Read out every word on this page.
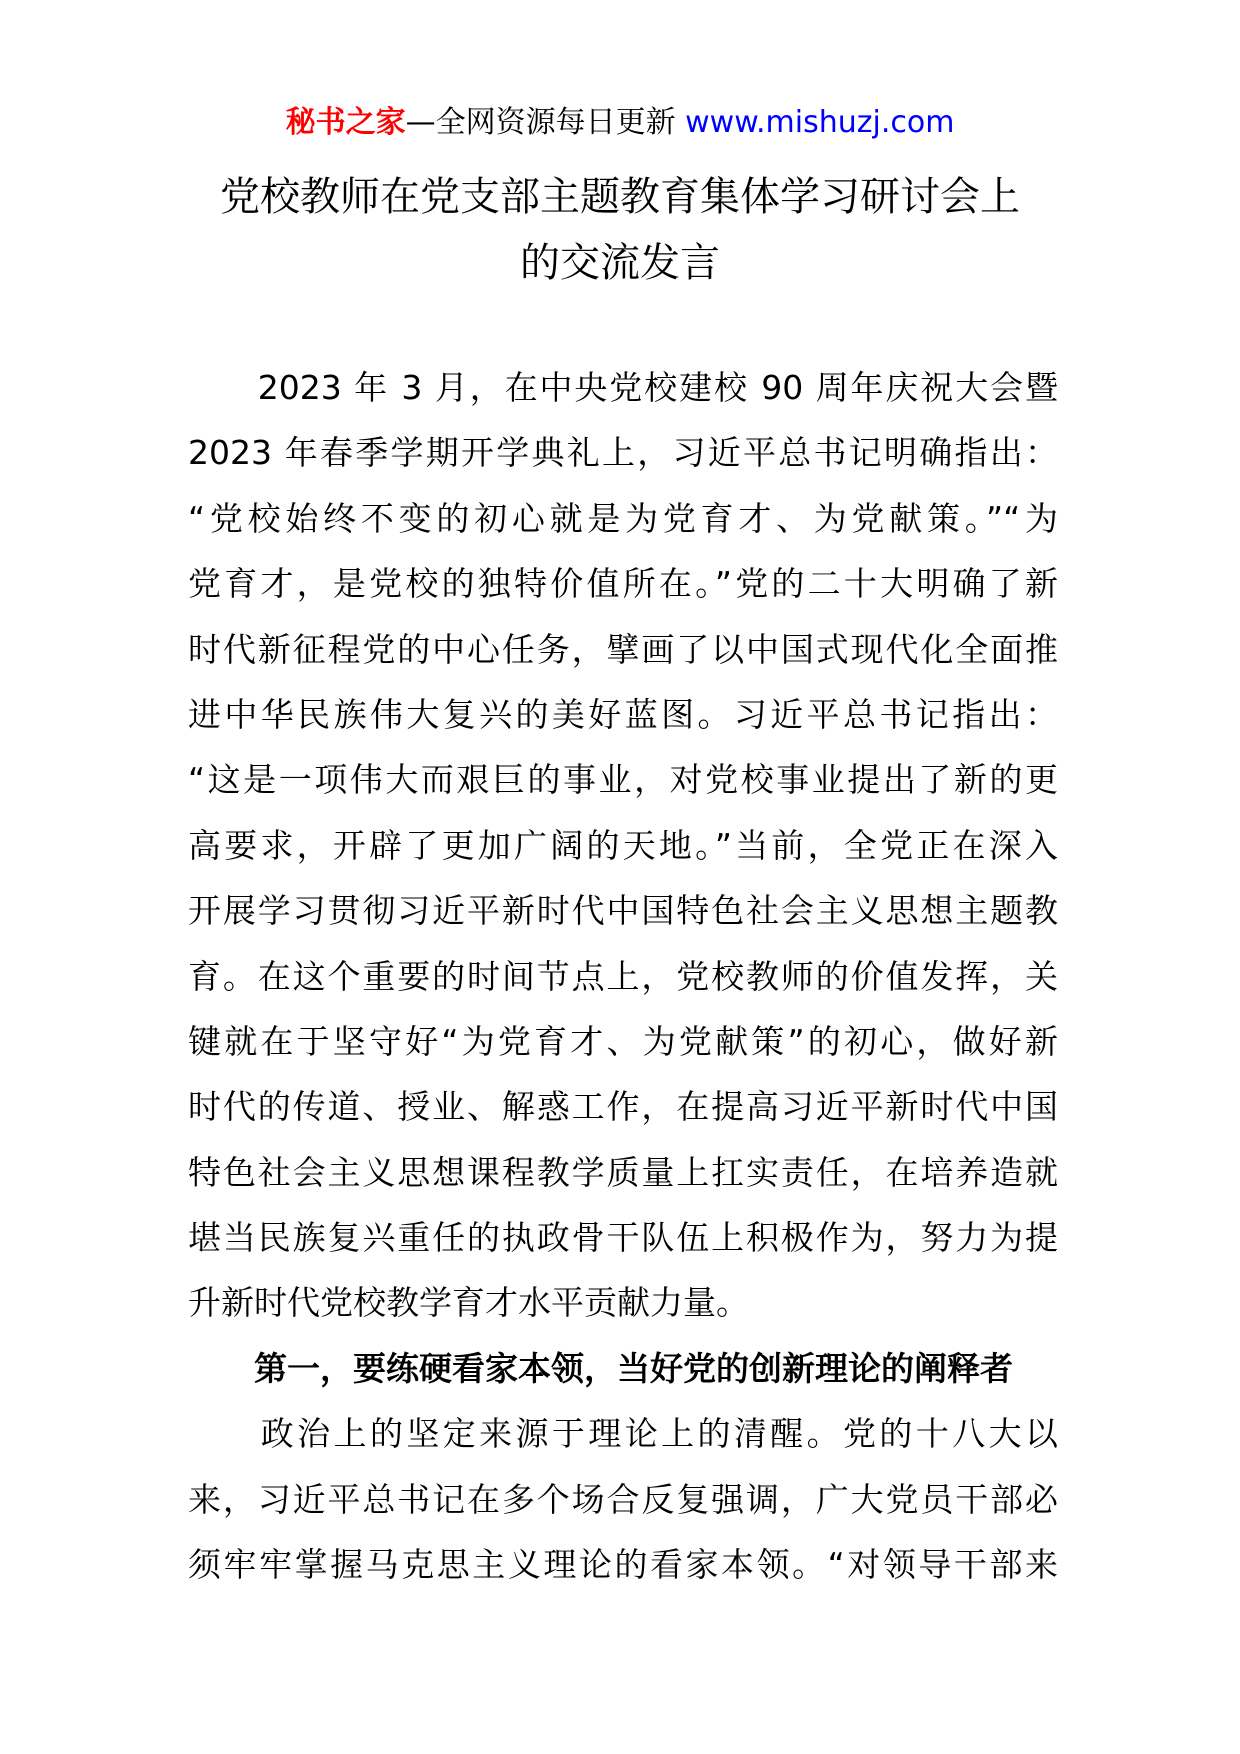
秘书之家—全网资源每日更新 www.mishuzj.com
党校教师在党支部主题教育集体学习研讨会上
的交流发言
　　2023 年 3 月，在中央党校建校 90 周年庆祝大会暨
2023 年春季学期开学典礼上，习近平总书记明确指出：
“党校始终不变的初心就是为党育才、为党献策。”“为
党育才，是党校的独特价值所在。”党的二十大明确了新
时代新征程党的中心任务，擘画了以中国式现代化全面推
进中华民族伟大复兴的美好蓝图。习近平总书记指出：
“这是一项伟大而艰巨的事业，对党校事业提出了新的更
高要求，开辟了更加广阔的天地。”当前，全党正在深入
开展学习贯彻习近平新时代中国特色社会主义思想主题教
育。在这个重要的时间节点上，党校教师的价值发挥，关
键就在于坚守好“为党育才、为党献策”的初心，做好新
时代的传道、授业、解惑工作，在提高习近平新时代中国
特色社会主义思想课程教学质量上扛实责任，在培养造就
堪当民族复兴重任的执政骨干队伍上积极作为，努力为提
升新时代党校教学育才水平贡献力量。
　　第一，要练硬看家本领，当好党的创新理论的阐释者
　　政治上的坚定来源于理论上的清醒。党的十八大以
来，习近平总书记在多个场合反复强调，广大党员干部必
须牢牢掌握马克思主义理论的看家本领。“对领导干部来
